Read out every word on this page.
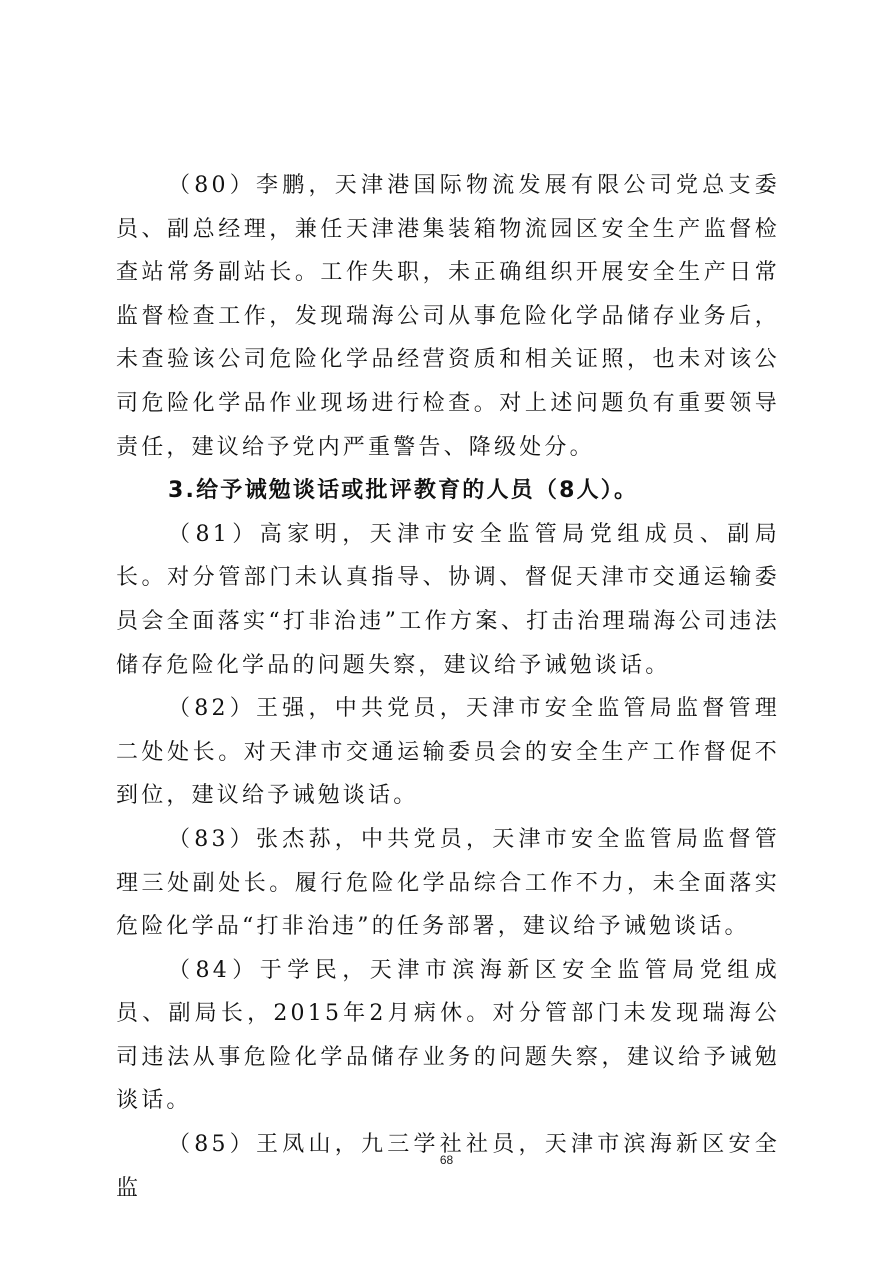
（80）李鹏，天津港国际物流发展有限公司党总支委员、副总经理，兼任天津港集装箱物流园区安全生产监督检查站常务副站长。工作失职，未正确组织开展安全生产日常监督检查工作，发现瑞海公司从事危险化学品储存业务后，未查验该公司危险化学品经营资质和相关证照，也未对该公司危险化学品作业现场进行检查。对上述问题负有重要领导责任，建议给予党内严重警告、降级处分。

3.给予诫勉谈话或批评教育的人员（8人）。

（81）高家明，天津市安全监管局党组成员、副局长。对分管部门未认真指导、协调、督促天津市交通运输委员会全面落实“打非治违”工作方案、打击治理瑞海公司违法储存危险化学品的问题失察，建议给予诫勉谈话。

（82）王强，中共党员，天津市安全监管局监督管理二处处长。对天津市交通运输委员会的安全生产工作督促不到位，建议给予诫勉谈话。

（83）张杰荪，中共党员，天津市安全监管局监督管理三处副处长。履行危险化学品综合工作不力，未全面落实危险化学品“打非治违”的任务部署，建议给予诫勉谈话。

（84）于学民，天津市滨海新区安全监管局党组成员、副局长，2015年2月病休。对分管部门未发现瑞海公司违法从事危险化学品储存业务的问题失察，建议给予诫勉谈话。

（85）王凤山，九三学社社员，天津市滨海新区安全监

68
